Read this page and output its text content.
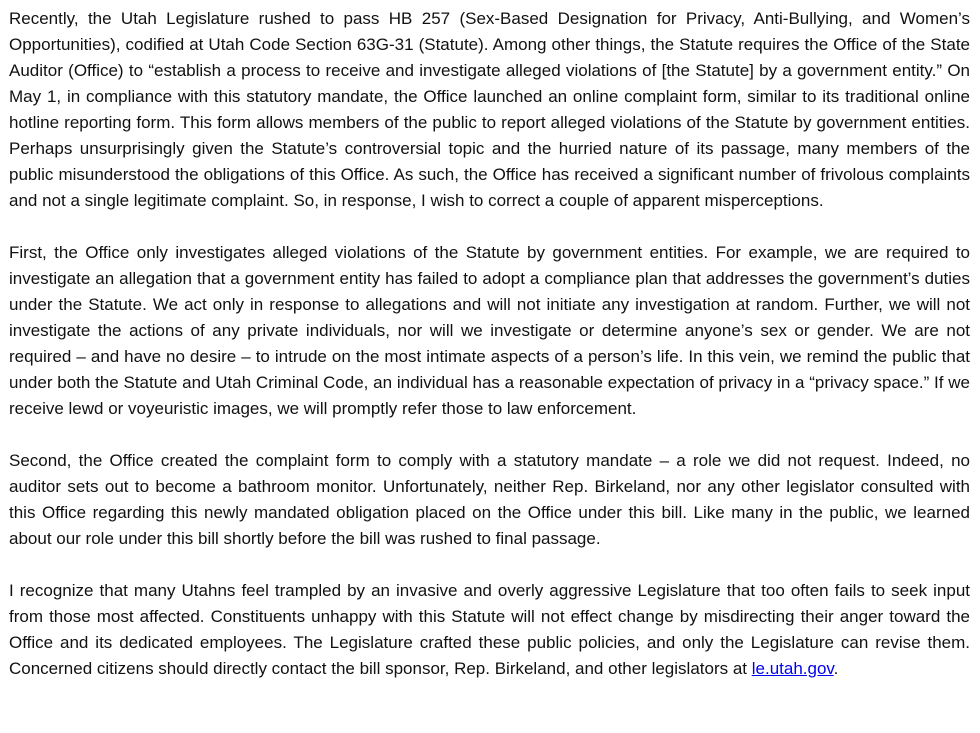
Recently, the Utah Legislature rushed to pass HB 257 (Sex-Based Designation for Privacy, Anti-Bullying, and Women’s Opportunities), codified at Utah Code Section 63G-31 (Statute). Among other things, the Statute requires the Office of the State Auditor (Office) to “establish a process to receive and investigate alleged violations of [the Statute] by a government entity.” On May 1, in compliance with this statutory mandate, the Office launched an online complaint form, similar to its traditional online hotline reporting form. This form allows members of the public to report alleged violations of the Statute by government entities. Perhaps unsurprisingly given the Statute’s controversial topic and the hurried nature of its passage, many members of the public misunderstood the obligations of this Office. As such, the Office has received a significant number of frivolous complaints and not a single legitimate complaint. So, in response, I wish to correct a couple of apparent misperceptions.

First, the Office only investigates alleged violations of the Statute by government entities. For example, we are required to investigate an allegation that a government entity has failed to adopt a compliance plan that addresses the government’s duties under the Statute. We act only in response to allegations and will not initiate any investigation at random. Further, we will not investigate the actions of any private individuals, nor will we investigate or determine anyone’s sex or gender. We are not required – and have no desire – to intrude on the most intimate aspects of a person’s life. In this vein, we remind the public that under both the Statute and Utah Criminal Code, an individual has a reasonable expectation of privacy in a “privacy space.” If we receive lewd or voyeuristic images, we will promptly refer those to law enforcement.

Second, the Office created the complaint form to comply with a statutory mandate – a role we did not request. Indeed, no auditor sets out to become a bathroom monitor. Unfortunately, neither Rep. Birkeland, nor any other legislator consulted with this Office regarding this newly mandated obligation placed on the Office under this bill. Like many in the public, we learned about our role under this bill shortly before the bill was rushed to final passage.

I recognize that many Utahns feel trampled by an invasive and overly aggressive Legislature that too often fails to seek input from those most affected. Constituents unhappy with this Statute will not effect change by misdirecting their anger toward the Office and its dedicated employees. The Legislature crafted these public policies, and only the Legislature can revise them. Concerned citizens should directly contact the bill sponsor, Rep. Birkeland, and other legislators at le.utah.gov.
